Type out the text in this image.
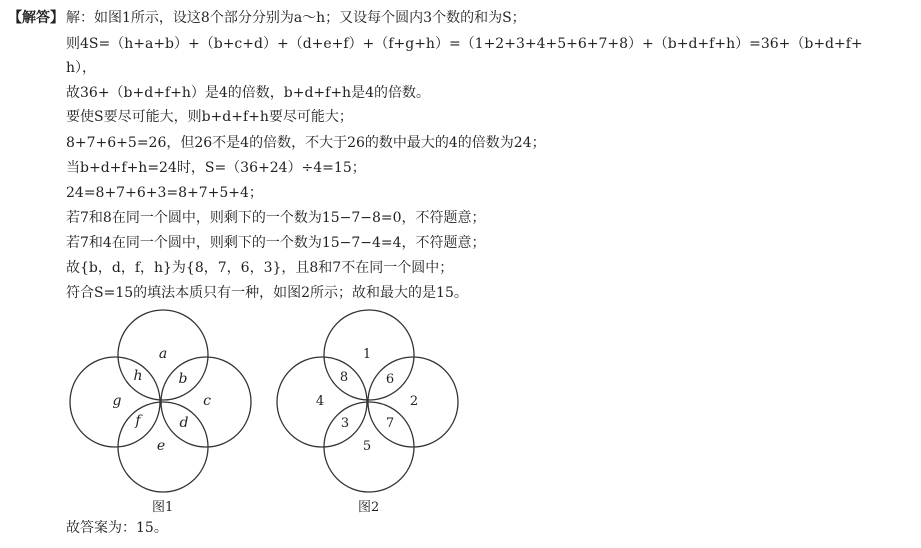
【解答】 解：如图1所示，设这8个部分分别为a～h；又设每个圆内3个数的和为S；
则4S=（h+a+b）+（b+c+d）+（d+e+f）+（f+g+h）=（1+2+3+4+5+6+7+8）+（b+d+f+h）=36+（b+d+f+
h），
故36+（b+d+f+h）是4的倍数，b+d+f+h是4的倍数。
要使S要尽可能大，则b+d+f+h要尽可能大；
8+7+6+5=26，但26不是4的倍数，不大于26的数中最大的4的倍数为24；
当b+d+f+h=24时，S=（36+24）÷4=15；
24=8+7+6+3=8+7+5+4；
若7和8在同一个圆中，则剩下的一个数为15−7−8=0，不符题意；
若7和4在同一个圆中，则剩下的一个数为15−7−4=4，不符题意；
故{b，d，f，h}为{8，7，6，3}，且8和7不在同一个圆中；
符合S=15的填法本质只有一种，如图2所示；故和最大的是15。
a
h	b
g	c
f	d
e
图1
1
8	6
4	2
3	7
5
图2
故答案为：15。
